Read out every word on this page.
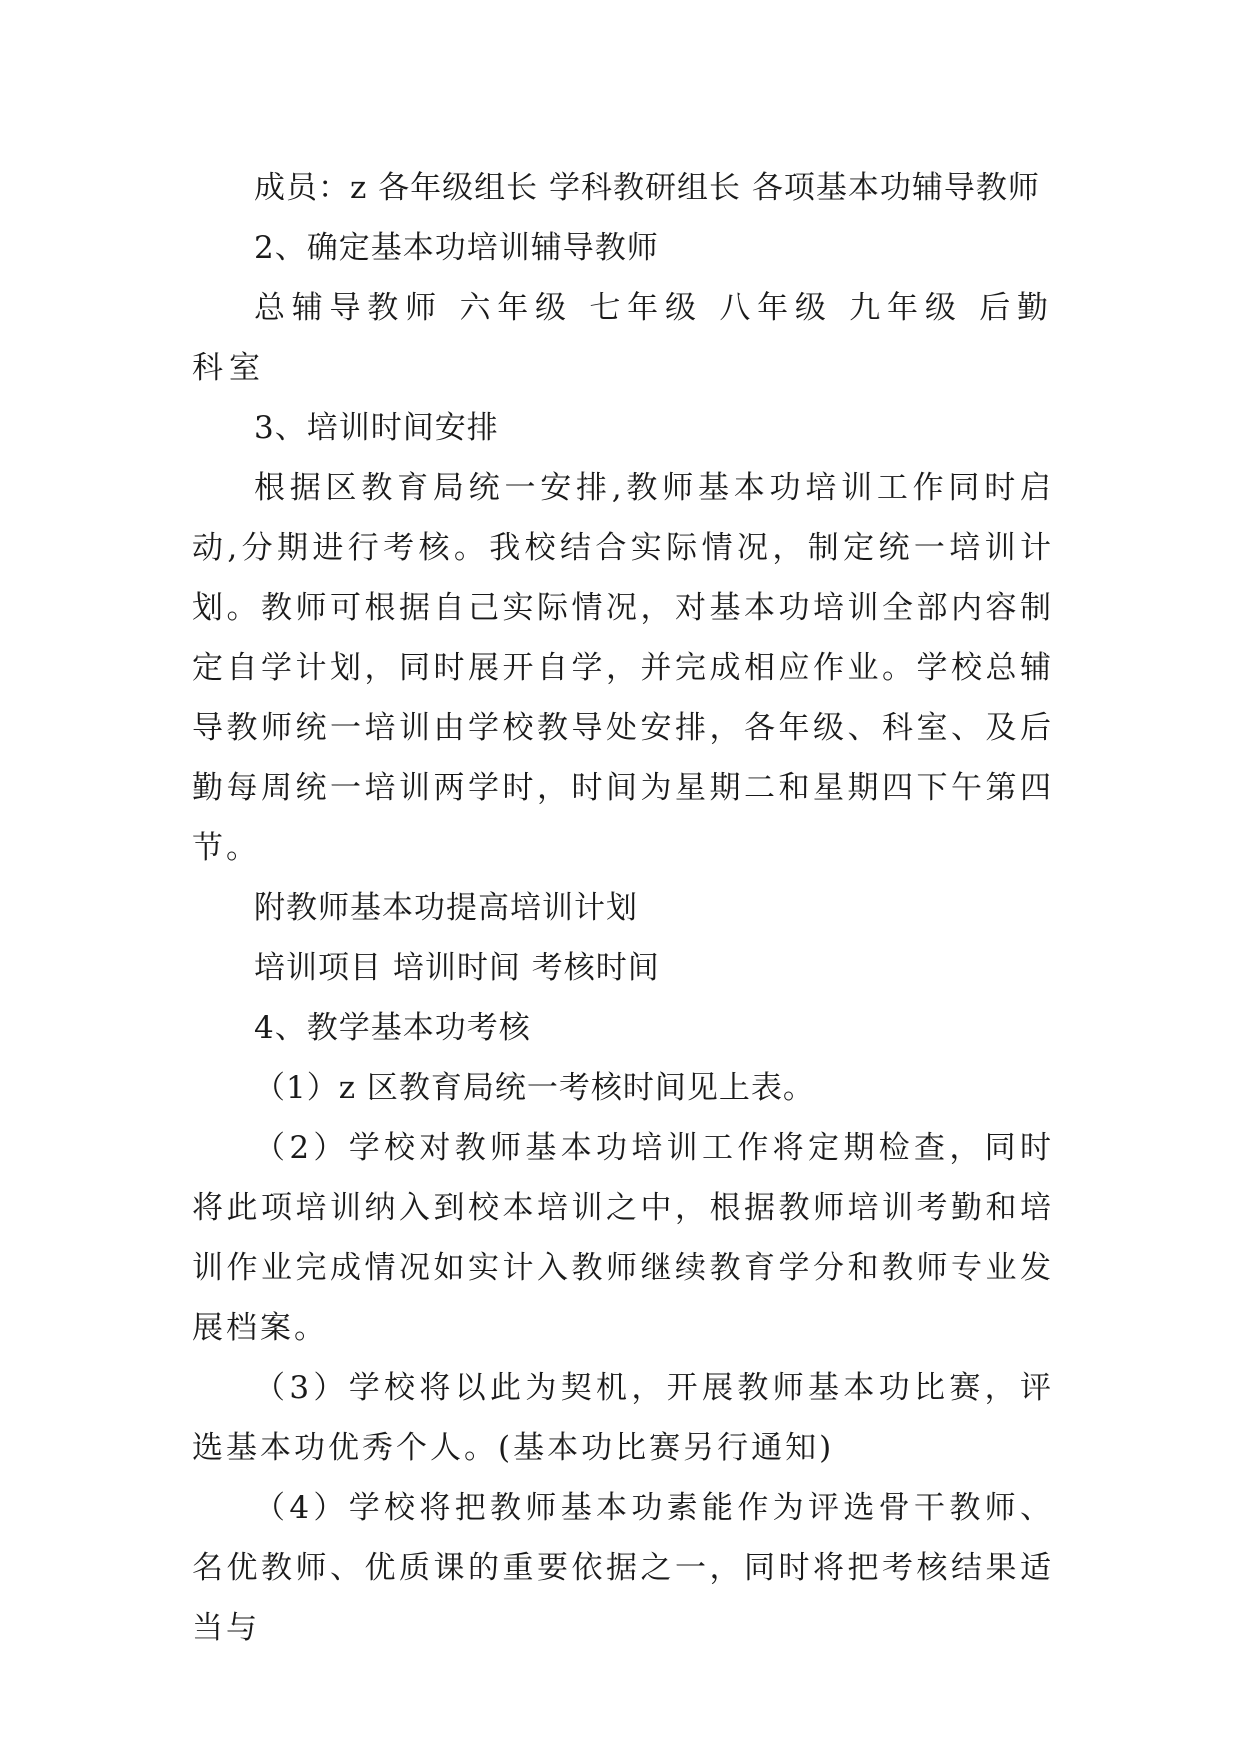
成员：z 各年级组长 学科教研组长 各项基本功辅导教师

2、确定基本功培训辅导教师

总辅导教师 六年级 七年级 八年级 九年级 后勤 科室

3、培训时间安排

根据区教育局统一安排,教师基本功培训工作同时启动,分期进行考核。我校结合实际情况，制定统一培训计划。教师可根据自己实际情况，对基本功培训全部内容制定自学计划，同时展开自学，并完成相应作业。学校总辅导教师统一培训由学校教导处安排，各年级、科室、及后勤每周统一培训两学时，时间为星期二和星期四下午第四节。

附教师基本功提高培训计划

培训项目 培训时间 考核时间

4、教学基本功考核

（1）z 区教育局统一考核时间见上表。

（2）学校对教师基本功培训工作将定期检查，同时将此项培训纳入到校本培训之中，根据教师培训考勤和培训作业完成情况如实计入教师继续教育学分和教师专业发展档案。

（3）学校将以此为契机，开展教师基本功比赛，评选基本功优秀个人。(基本功比赛另行通知)

（4）学校将把教师基本功素能作为评选骨干教师、名优教师、优质课的重要依据之一，同时将把考核结果适当与
